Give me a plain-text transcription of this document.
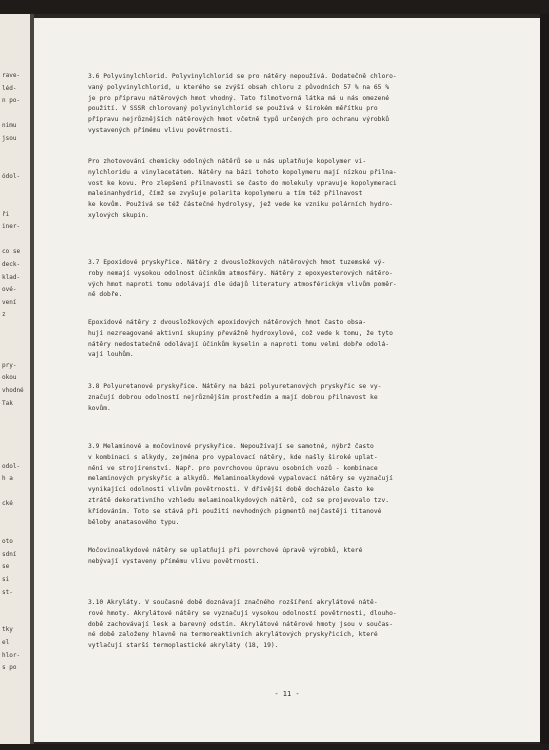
rave-
léd-
n po-
nimu
jsou
ódol-
ři
iner-
co se
deck-
klad-
ové-
vení
z
pry-
okou
vhodné
Tak
odol-
h a
cké
oto
sdní
se
si
st-
tky
el
hlor-
s po
- 11 -
3.6 Polyvinylchlorid. Polyvinylchlorid se pro nátěry nepoužívá. Dodatečně chloro-
vaný polyvinylchlorid, u kterého se zvýší obsah chloru z původních 57 % na 65 %
je pro přípravu nátěrových hmot vhodný. Tato filmotvorná látka má u nás omezené
použití. V SSSR chlorovaný polyvinylchlorid se používá v širokém měřítku pro
přípravu nejrůznějších nátěrových hmot včetně typů určených pro ochranu výrobků
vystavených přímému vlivu povětrnosti.
Pro zhotovování chemicky odolných nátěrů se u nás uplatňuje kopolymer vi-
nylchloridu a vinylacetátem. Nátěry na bázi tohoto kopolymeru mají nízkou přilna-
vost ke kovu. Pro zlepšení přilnavosti se často do molekuly vpravuje kopolymeraci
maleinanhydrid, čímž se zvyšuje polarita kopolymeru a tím též přilnavost
ke kovům. Používá se též částečné hydrolysy, jež vede ke vzniku polárních hydro-
xylových skupin.
3.7 Epoxidové pryskyřice. Nátěry z dvousložkových nátěrových hmot tuzemské vý-
roby nemají vysokou odolnost účinkům atmosféry. Nátěry z epoxyesterových nátěro-
vých hmot naproti tomu odolávají dle údajů literatury atmosférickým vlivům poměr-
ně dobře.
Epoxidové nátěry z dvousložkových epoxidových nátěrových hmot často obsa-
hují nezreagované aktivní skupiny převážně hydroxylové, což vede k tomu, že tyto
nátěry nedostatečně odolávají účinkům kyselin a naproti tomu velmi dobře odolá-
vají louhům.
3.8 Polyuretanové pryskyřice. Nátěry na bázi polyuretanových pryskyřic se vy-
značují dobrou odolností nejrůznějším prostředím a mají dobrou přilnavost ke
kovům.
3.9 Melaminové a močovinové pryskyřice. Nepoužívají se samotné, nýbrž často
v kombinaci s alkydy, zejména pro vypalovací nátěry, kde našly široké uplat-
nění ve strojírenství. Např. pro povrchovou úpravu osobních vozů - kombinace
melaminových pryskyřic a alkydů. Melaminoalkydové vypalovací nátěry se vyznačují
vynikající odolností vlivům povětrnosti. V dřívější době docházelo často ke
ztrátě dekorativního vzhledu melaminoalkydových nátěrů, což se projevovalo tzv.
křídováním. Toto se stává při použití nevhodných pigmentů nejčastěji titanové
běloby anatasového typu.
Močovinoalkydové nátěry se uplatňují při povrchové úpravě výrobků, které
nebývají vystaveny přímému vlivu povětrnosti.
3.10 Akryláty. V současné době doznávají značného rozšíření akrylátové nátě-
rové hmoty. Akrylátové nátěry se vyznačují vysokou odolností povětrnosti, dlouho-
době zachovávají lesk a barevný odstín. Akrylátové nátěrové hmoty jsou v součas-
né době založeny hlavně na termoreaktivních akrylátových pryskyřicích, které
vytlačují starší termoplastické akryláty (18, 19).
